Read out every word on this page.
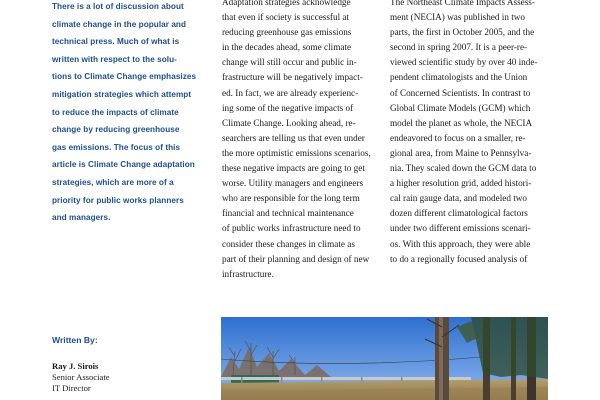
There is a lot of discussion about

climate change in the popular and

technical press. Much of what is

written with respect to the solu-

tions to Climate Change emphasizes

mitigation strategies which attempt

to reduce the impacts of climate

change by reducing greenhouse

gas emissions. The focus of this

article is Climate Change adaptation

strategies, which are more of a

priority for public works planners

and managers.

Adaptation strategies acknowledge

that even if society is successful at

reducing greenhouse gas emissions

in the decades ahead, some climate

change will still occur and public in-

frastructure will be negatively impact-

ed. In fact, we are already experienc-

ing some of the negative impacts of

Climate Change. Looking ahead, re-

searchers are telling us that even under

the more optimistic emissions scenarios,

these negative impacts are going to get

worse. Utility managers and engineers

who are responsible for the long term

financial and technical maintenance

of public works infrastructure need to

consider these changes in climate as

part of their planning and design of new

infrastructure.

The Northeast Climate Impacts Assess-

ment (NECIA) was published in two

parts, the first in October 2005, and the

second in spring 2007. It is a peer-re-

viewed scientific study by over 40 inde-

pendent climatologists and the Union

of Concerned Scientists. In contrast to

Global Climate Models (GCM) which

model the planet as whole, the NECIA

endeavored to focus on a smaller, re-

gional area, from Maine to Pennsylva-

nia. They scaled down the GCM data to

a higher resolution grid, added histori-

cal rain gauge data, and modeled two

dozen different climatological factors

under two different emissions scenari-

os. With this approach, they were able

to do a regionally focused analysis of

Written By:
Ray J. Sirois
Senior Associate
IT Director
